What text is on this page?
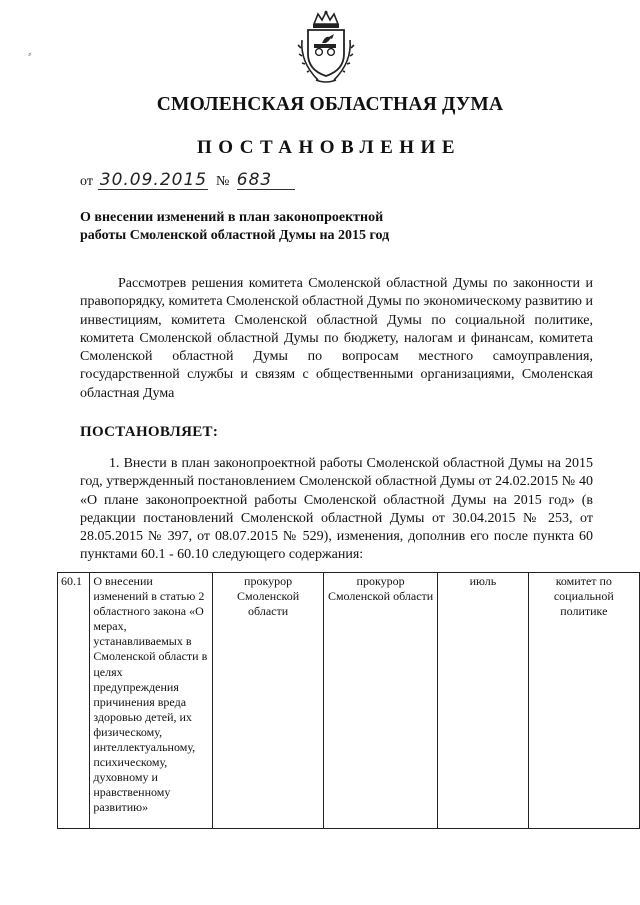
СМОЛЕНСКАЯ ОБЛАСТНАЯ ДУМА
ПОСТАНОВЛЕНИЕ
от 30.09.2015 № 683
О внесении изменений в план законопроектной
работы Смоленской областной Думы на 2015 год
Рассмотрев решения комитета Смоленской областной Думы по законности и правопорядку, комитета Смоленской областной Думы по экономическому развитию и инвестициям, комитета Смоленской областной Думы по социальной политике, комитета Смоленской областной Думы по бюджету, налогам и финансам, комитета Смоленской областной Думы по вопросам местного самоуправления, государственной службы и связям с общественными организациями, Смоленская областная Дума
ПОСТАНОВЛЯЕТ:
1. Внести в план законопроектной работы Смоленской областной Думы на 2015 год, утвержденный постановлением Смоленской областной Думы от 24.02.2015 № 40 «О плане законопроектной работы Смоленской областной Думы на 2015 год» (в редакции постановлений Смоленской областной Думы от 30.04.2015 № 253, от 28.05.2015 № 397, от 08.07.2015 № 529), изменения, дополнив его после пункта 60 пунктами 60.1 - 60.10 следующего содержания:
60.1	О внесении изменений в статью 2 областного закона «О мерах, устанавливаемых в Смоленской области в целях предупреждения причинения вреда здоровью детей, их физическому, интеллектуальному, психическому, духовному и нравственному развитию»	прокурор Смоленской области	прокурор Смоленской области	июль	комитет по социальной политике
⸗
